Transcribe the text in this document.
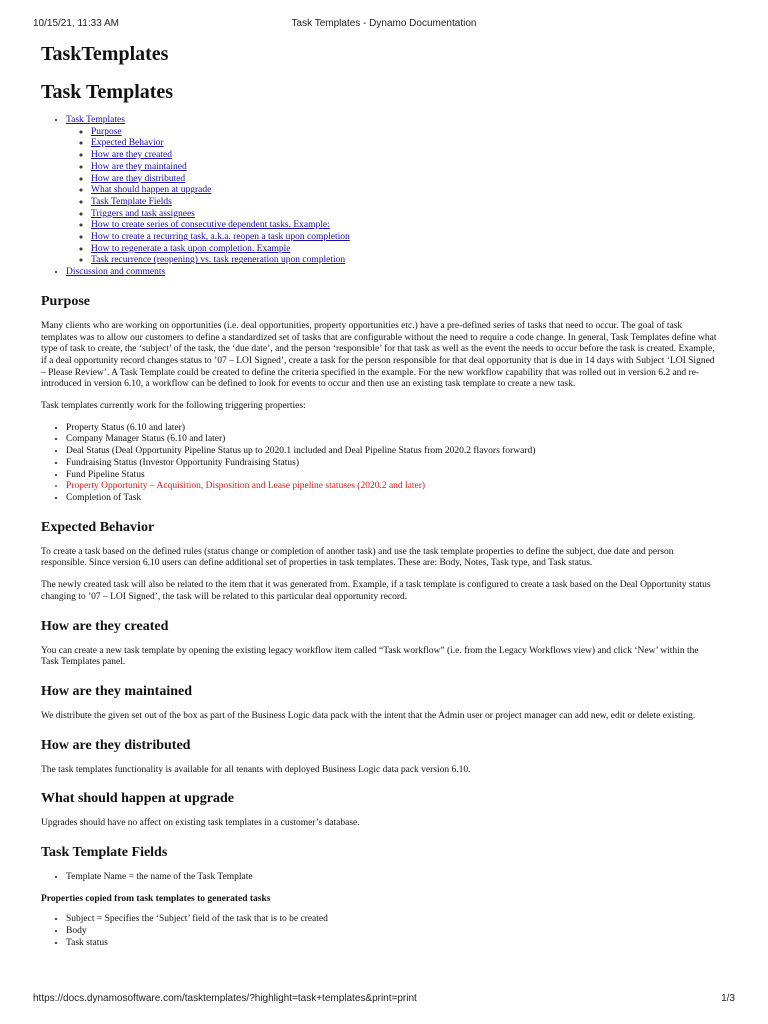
10/15/21, 11:33 AM	Task Templates - Dynamo Documentation
TaskTemplates
Task Templates
• Task Templates
◦ Purpose
◦ Expected Behavior
◦ How are they created
◦ How are they maintained
◦ How are they distributed
◦ What should happen at upgrade
◦ Task Template Fields
◦ Triggers and task assignees
◦ How to create series of consecutive dependent tasks. Example:
◦ How to create a recurring task, a.k.a. reopen a task upon completion
◦ How to regenerate a task upon completion. Example
◦ Task recurrence (reopening) vs. task regeneration upon completion
• Discussion and comments
Purpose

Many clients who are working on opportunities (i.e. deal opportunities, property opportunities etc.) have a pre-defined series of tasks that need to occur. The goal of task templates was to allow our customers to define a standardized set of tasks that are configurable without the need to require a code change. In general, Task Templates define what type of task to create, the ‘subject’ of the task, the ‘due date’, and the person ‘responsible’ for that task as well as the event the needs to occur before the task is created. Example, if a deal opportunity record changes status to ’07 – LOI Signed’, create a task for the person responsible for that deal opportunity that is due in 14 days with Subject ‘LOI Signed – Please Review’. A Task Template could be created to define the criteria specified in the example. For the new workflow capability that was rolled out in version 6.2 and re-introduced in version 6.10, a workflow can be defined to look for events to occur and then use an existing task template to create a new task.

Task templates currently work for the following triggering properties:

• Property Status (6.10 and later)
• Company Manager Status (6.10 and later)
• Deal Status (Deal Opportunity Pipeline Status up to 2020.1 included and Deal Pipeline Status from 2020.2 flavors forward)
• Fundraising Status (Investor Opportunity Fundraising Status)
• Fund Pipeline Status
• Property Opportunity – Acquisition, Disposition and Lease pipeline statuses (2020.2 and later)
• Completion of Task
Expected Behavior

To create a task based on the defined rules (status change or completion of another task) and use the task template properties to define the subject, due date and person responsible. Since version 6.10 users can define additional set of properties in task templates. These are: Body, Notes, Task type, and Task status.

The newly created task will also be related to the item that it was generated from. Example, if a task template is configured to create a task based on the Deal Opportunity status changing to ’07 – LOI Signed’, the task will be related to this particular deal opportunity record.

How are they created

You can create a new task template by opening the existing legacy workflow item called “Task workflow” (i.e. from the Legacy Workflows view) and click ‘New’ within the Task Templates panel.

How are they maintained

We distribute the given set out of the box as part of the Business Logic data pack with the intent that the Admin user or project manager can add new, edit or delete existing.

How are they distributed

The task templates functionality is available for all tenants with deployed Business Logic data pack version 6.10.

What should happen at upgrade

Upgrades should have no affect on existing task templates in a customer’s database.

Task Template Fields
• Template Name = the name of the Task Template
Properties copied from task templates to generated tasks
• Subject = Specifies the ‘Subject’ field of the task that is to be created
• Body
• Task status
https://docs.dynamosoftware.com/tasktemplates/?highlight=task+templates&print=print	1/3
